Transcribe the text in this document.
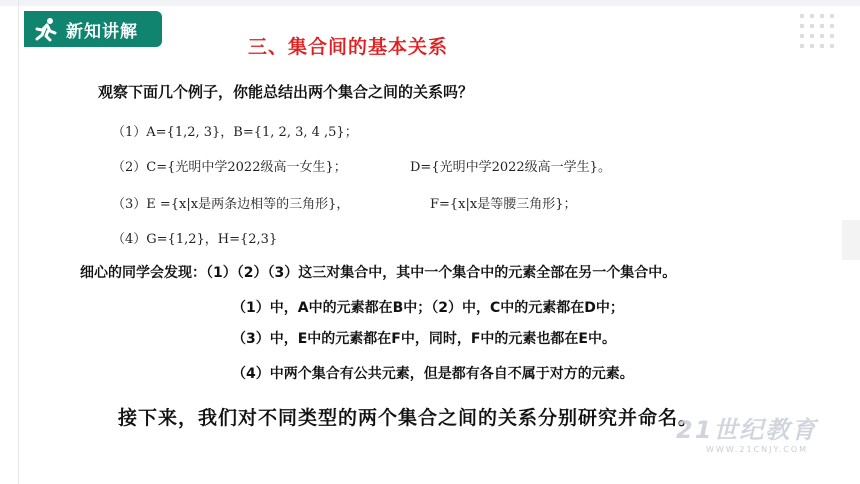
新知讲解
三、集合间的基本关系
观察下面几个例子，你能总结出两个集合之间的关系吗？
（1）A={1,2, 3}，B={1, 2, 3, 4 ,5}；
（2）C={光明中学2022级高一女生}；	D={光明中学2022级高一学生}。
（3）E ={x|x是两条边相等的三角形}，	F={x|x是等腰三角形}；
（4）G={1,2}，H={2,3}
细心的同学会发现：（1）（2）（3）这三对集合中，其中一个集合中的元素全部在另一个集合中。
（1）中，A中的元素都在B中；（2）中，C中的元素都在D中；
（3）中，E中的元素都在F中，同时，F中的元素也都在E中。
（4）中两个集合有公共元素，但是都有各自不属于对方的元素。
接下来，我们对不同类型的两个集合之间的关系分别研究并命名。
21世纪教育
WWW.21CNJY.COM
